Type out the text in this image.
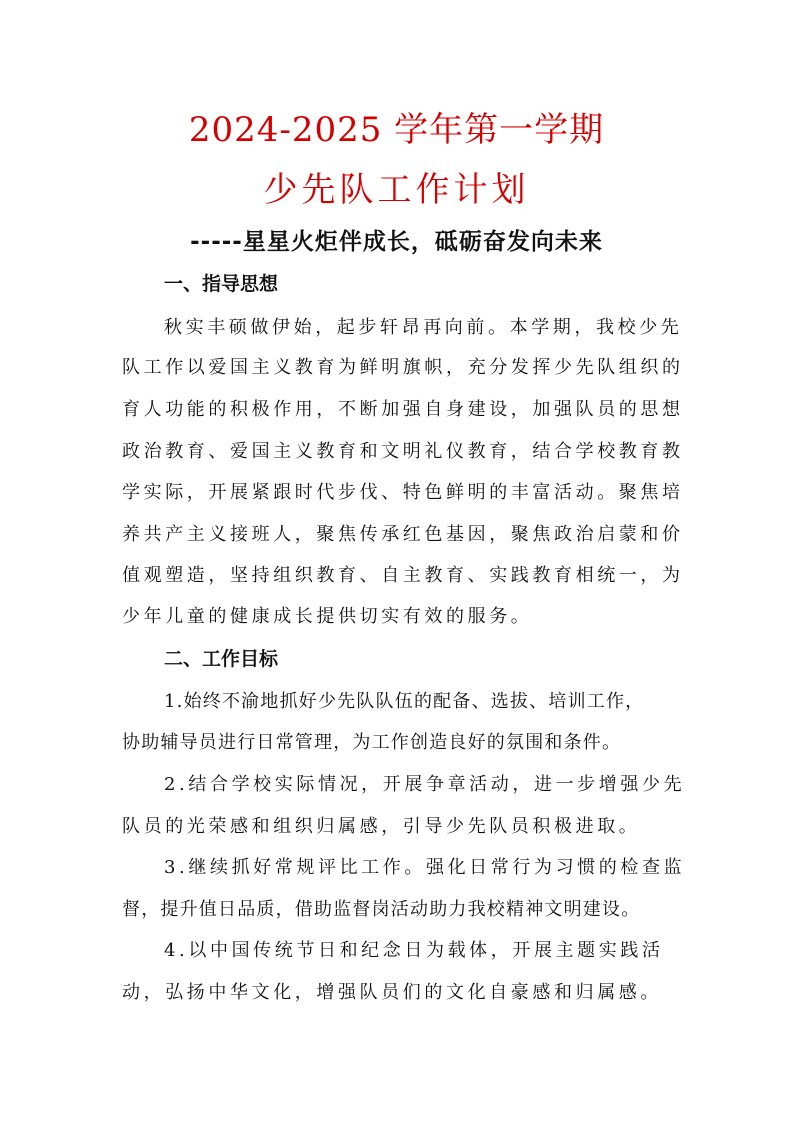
2024-2025 学年第一学期
少先队工作计划
-----星星火炬伴成长，砥砺奋发向未来
一、指导思想
秋实丰硕做伊始，起步轩昂再向前。本学期，我校少先
队工作以爱国主义教育为鲜明旗帜，充分发挥少先队组织的
育人功能的积极作用，不断加强自身建设，加强队员的思想
政治教育、爱国主义教育和文明礼仪教育，结合学校教育教
学实际，开展紧跟时代步伐、特色鲜明的丰富活动。聚焦培
养共产主义接班人，聚焦传承红色基因，聚焦政治启蒙和价
值观塑造，坚持组织教育、自主教育、实践教育相统一，为
少年儿童的健康成长提供切实有效的服务。
二、工作目标
1.始终不渝地抓好少先队队伍的配备、选拔、培训工作，
协助辅导员进行日常管理，为工作创造良好的氛围和条件。
2.结合学校实际情况，开展争章活动，进一步增强少先
队员的光荣感和组织归属感，引导少先队员积极进取。
3.继续抓好常规评比工作。强化日常行为习惯的检查监
督，提升值日品质，借助监督岗活动助力我校精神文明建设。
4.以中国传统节日和纪念日为载体，开展主题实践活
动，弘扬中华文化，增强队员们的文化自豪感和归属感。
